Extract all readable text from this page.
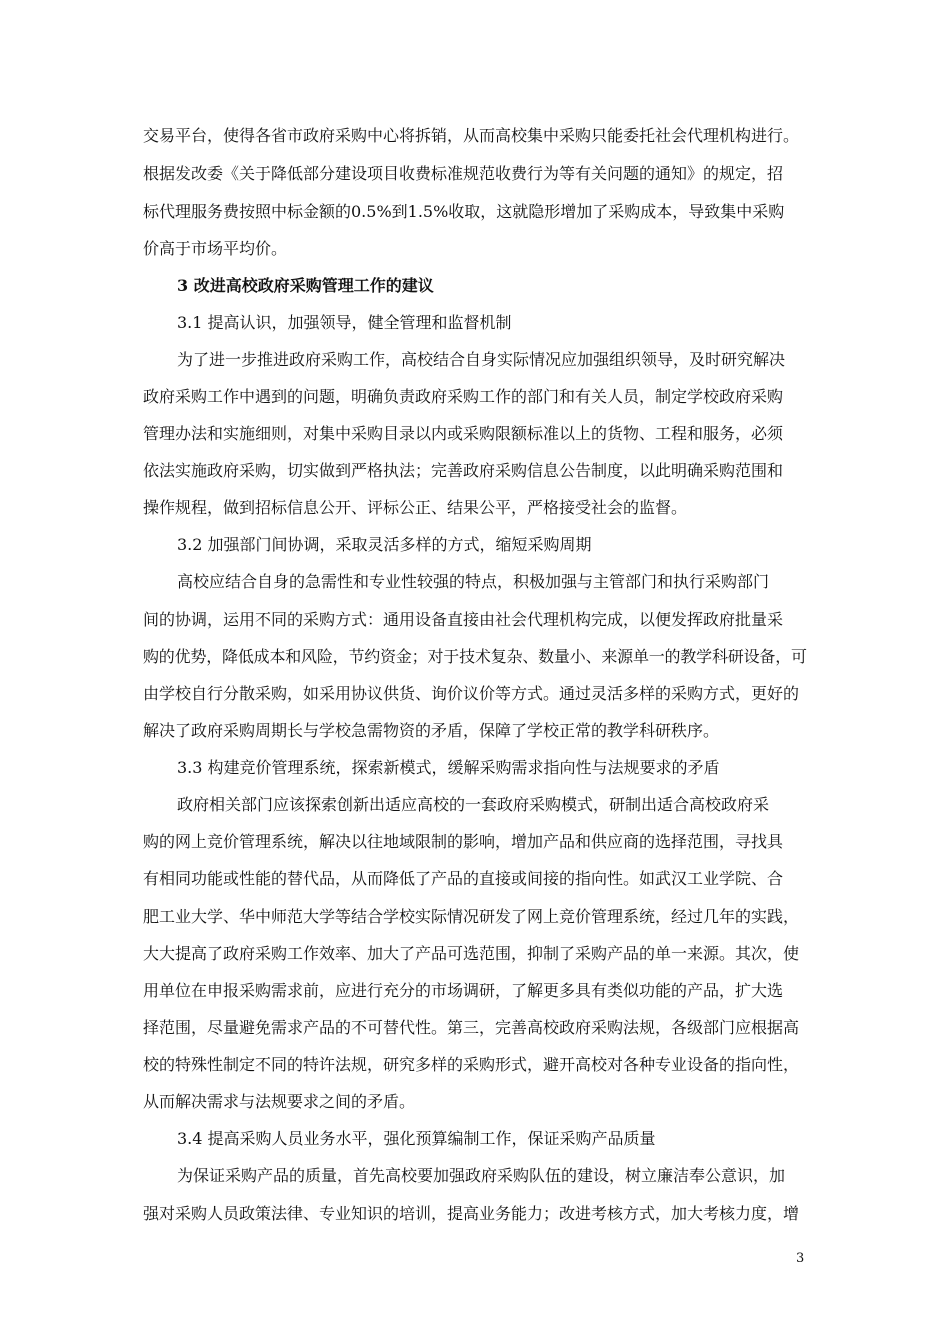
交易平台，使得各省市政府采购中心将拆销，从而高校集中采购只能委托社会代理机构进行。
根据发改委《关于降低部分建设项目收费标准规范收费行为等有关问题的通知》的规定，招
标代理服务费按照中标金额的0.5%到1.5%收取，这就隐形增加了采购成本，导致集中采购
价高于市场平均价。
3 改进高校政府采购管理工作的建议
3.1 提高认识，加强领导，健全管理和监督机制
为了进一步推进政府采购工作，高校结合自身实际情况应加强组织领导，及时研究解决
政府采购工作中遇到的问题，明确负责政府采购工作的部门和有关人员，制定学校政府采购
管理办法和实施细则，对集中采购目录以内或采购限额标准以上的货物、工程和服务，必须
依法实施政府采购，切实做到严格执法；完善政府采购信息公告制度，以此明确采购范围和
操作规程，做到招标信息公开、评标公正、结果公平，严格接受社会的监督。
3.2 加强部门间协调，采取灵活多样的方式，缩短采购周期
高校应结合自身的急需性和专业性较强的特点，积极加强与主管部门和执行采购部门
间的协调，运用不同的采购方式：通用设备直接由社会代理机构完成，以便发挥政府批量采
购的优势，降低成本和风险，节约资金；对于技术复杂、数量小、来源单一的教学科研设备，可
由学校自行分散采购，如采用协议供货、询价议价等方式。通过灵活多样的采购方式，更好的
解决了政府采购周期长与学校急需物资的矛盾，保障了学校正常的教学科研秩序。
3.3 构建竞价管理系统，探索新模式，缓解采购需求指向性与法规要求的矛盾
政府相关部门应该探索创新出适应高校的一套政府采购模式，研制出适合高校政府采
购的网上竞价管理系统，解决以往地域限制的影响，增加产品和供应商的选择范围，寻找具
有相同功能或性能的替代品，从而降低了产品的直接或间接的指向性。如武汉工业学院、合
肥工业大学、华中师范大学等结合学校实际情况研发了网上竞价管理系统，经过几年的实践，
大大提高了政府采购工作效率、加大了产品可选范围，抑制了采购产品的单一来源。其次，使
用单位在申报采购需求前，应进行充分的市场调研，了解更多具有类似功能的产品，扩大选
择范围，尽量避免需求产品的不可替代性。第三，完善高校政府采购法规，各级部门应根据高
校的特殊性制定不同的特许法规，研究多样的采购形式，避开高校对各种专业设备的指向性，
从而解决需求与法规要求之间的矛盾。
3.4 提高采购人员业务水平，强化预算编制工作，保证采购产品质量
为保证采购产品的质量，首先高校要加强政府采购队伍的建设，树立廉洁奉公意识，加
强对采购人员政策法律、专业知识的培训，提高业务能力；改进考核方式，加大考核力度，增
3
